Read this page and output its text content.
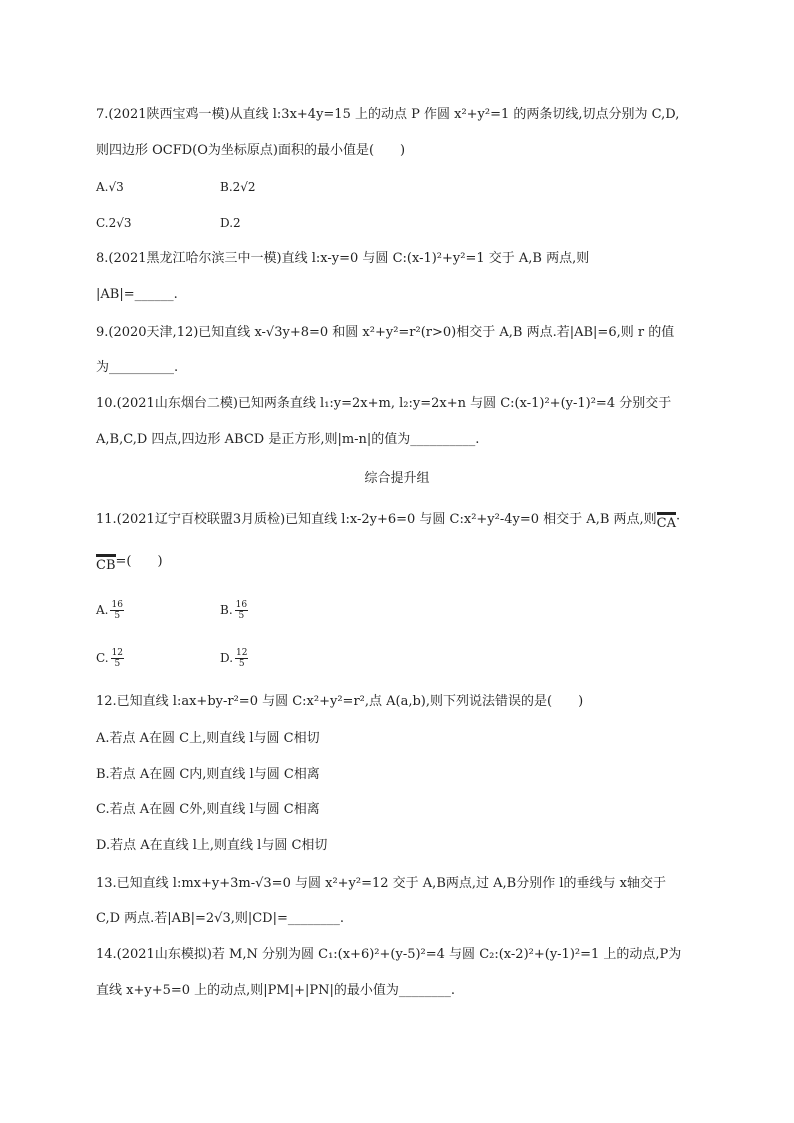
7.(2021陕西宝鸡一模)从直线 l:3x+4y=15 上的动点 P 作圆 x²+y²=1 的两条切线,切点分别为 C,D,
则四边形 OCFD(O为坐标原点)面积的最小值是(　　)
A.√3	B.2√2
C.2√3	D.2
8.(2021黑龙江哈尔滨三中一模)直线 l:x-y=0 与圆 C:(x-1)²+y²=1 交于 A,B 两点,则
|AB|=______.
9.(2020天津,12)已知直线 x-√3y+8=0 和圆 x²+y²=r²(r>0)相交于 A,B 两点.若|AB|=6,则 r 的值
为__________.
10.(2021山东烟台二模)已知两条直线 l₁:y=2x+m, l₂:y=2x+n 与圆 C:(x-1)²+(y-1)²=4 分别交于
A,B,C,D 四点,四边形 ABCD 是正方形,则|m-n|的值为__________.
综合提升组
11.(2021辽宁百校联盟3月质检)已知直线 l:x-2y+6=0 与圆 C:x²+y²-4y=0 相交于 A,B 两点,则
CA·
CB=(　　)
A. $\frac{16}{5}$	B. $\frac{16}{5}$
C. $\frac{12}{5}$	D. $\frac{12}{5}$
12.已知直线 l:ax+by-r²=0 与圆 C:x²+y²=r²,点 A(a,b),则下列说法错误的是(　　)
A.若点 A在圆 C上,则直线 l与圆 C相切
B.若点 A在圆 C内,则直线 l与圆 C相离
C.若点 A在圆 C外,则直线 l与圆 C相离
D.若点 A在直线 l上,则直线 l与圆 C相切
13.已知直线 l:mx+y+3m-√3=0 与圆 x²+y²=12 交于 A,B两点,过 A,B分别作 l的垂线与 x轴交于
C,D 两点.若|AB|=2√3,则|CD|=________.
14.(2021山东模拟)若 M,N 分别为圆 C₁:(x+6)²+(y-5)²=4 与圆 C₂:(x-2)²+(y-1)²=1 上的动点,P为
直线 x+y+5=0 上的动点,则|PM|+|PN|的最小值为________.
